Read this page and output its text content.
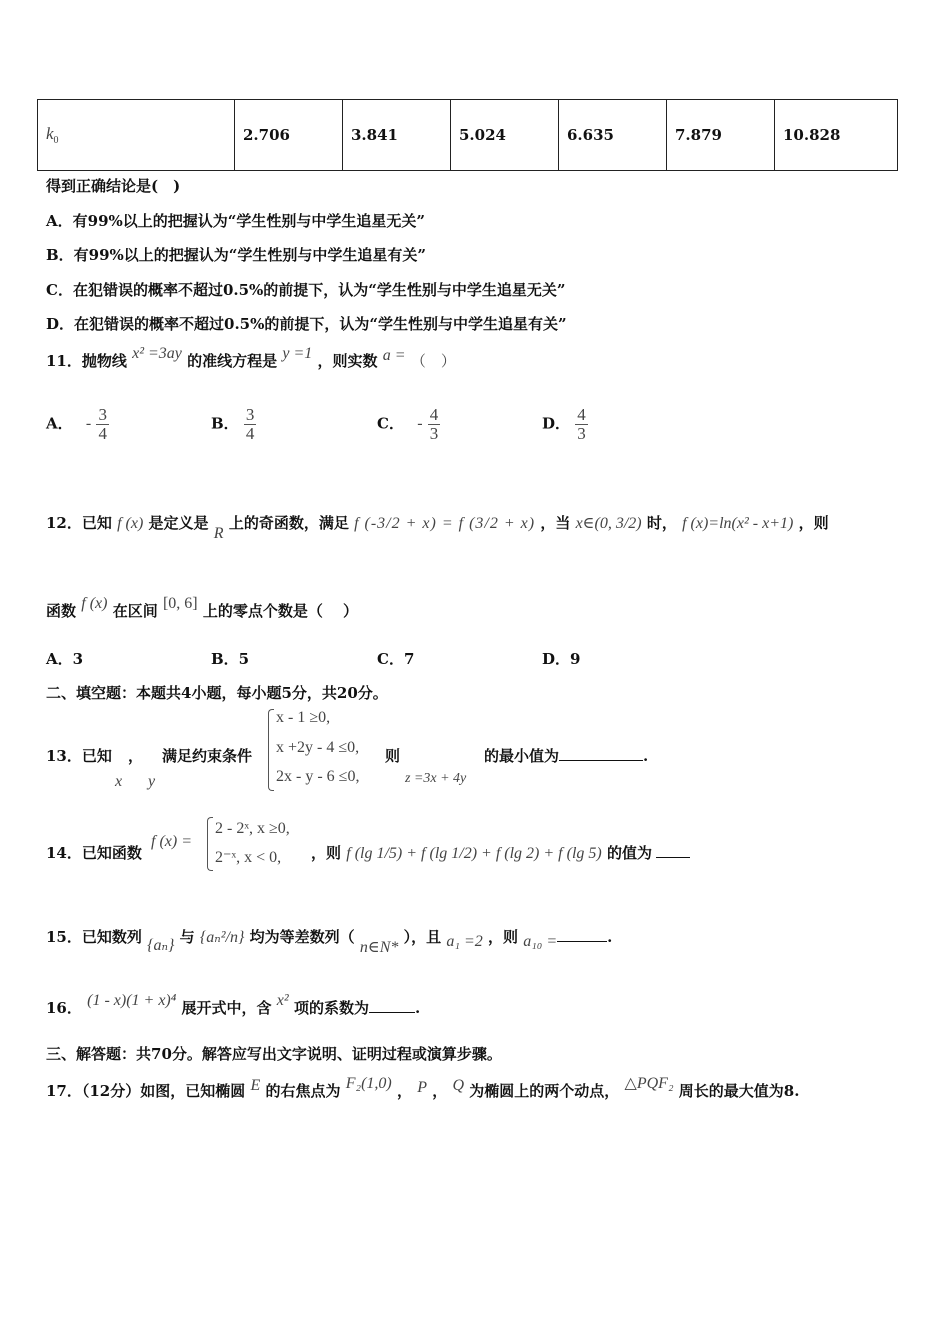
$k_0$	2.706	3.841	5.024	6.635	7.879	10.828
得到正确结论是(　)
A．有99%以上的把握认为“学生性别与中学生追星无关”
B．有99%以上的把握认为“学生性别与中学生追星有关”
C．在犯错误的概率不超过0.5%的前提下，认为“学生性别与中学生追星无关”
D．在犯错误的概率不超过0.5%的前提下，认为“学生性别与中学生追星有关”
11．抛物线 x² =3ay 的准线方程是 y =1 ，则实数 a = （　）
A． - $\frac{3}{4}$	B． $\frac{3}{4}$	C． - $\frac{4}{3}$	D． $\frac{4}{3}$
12．已知 f (x) 是定义是 R 上的奇函数，满足 f (-3/2 + x) = f (3/2 + x) ，当 x∈(0, 3/2) 时， f (x)=ln(x² - x+1) ，则
函数 f (x) 在区间 [0, 6] 上的零点个数是（　 ）
A．3	B．5	C．7	D．9
二、填空题：本题共4小题，每小题5分，共20分。
13．已知 ， 满足约束条件
x y
x - 1 ≥0,
x +2y - 4 ≤0,
2x - y - 6 ≤0,
则
z =3x + 4y
的最小值为	.
14．已知函数
f (x) =
2 - 2ˣ, x ≥0,
2⁻ˣ, x < 0, ，则 f (lg 1/5) + f (lg 1/2) + f (lg 2) + f (lg 5) 的值为
15．已知数列 {aₙ} 与 {aₙ²/n} 均为等差数列（ n∈N* ），且 a₁ =2 ，则 a₁₀ =	.
16． (1 - x)(1 + x)⁴ 展开式中，含 x² 项的系数为	.
三、解答题：共70分。解答应写出文字说明、证明过程或演算步骤。
17．（12分）如图，已知椭圆 E 的右焦点为 F₂(1,0) ， P ， Q 为椭圆上的两个动点， △PQF₂ 周长的最大值为8.
